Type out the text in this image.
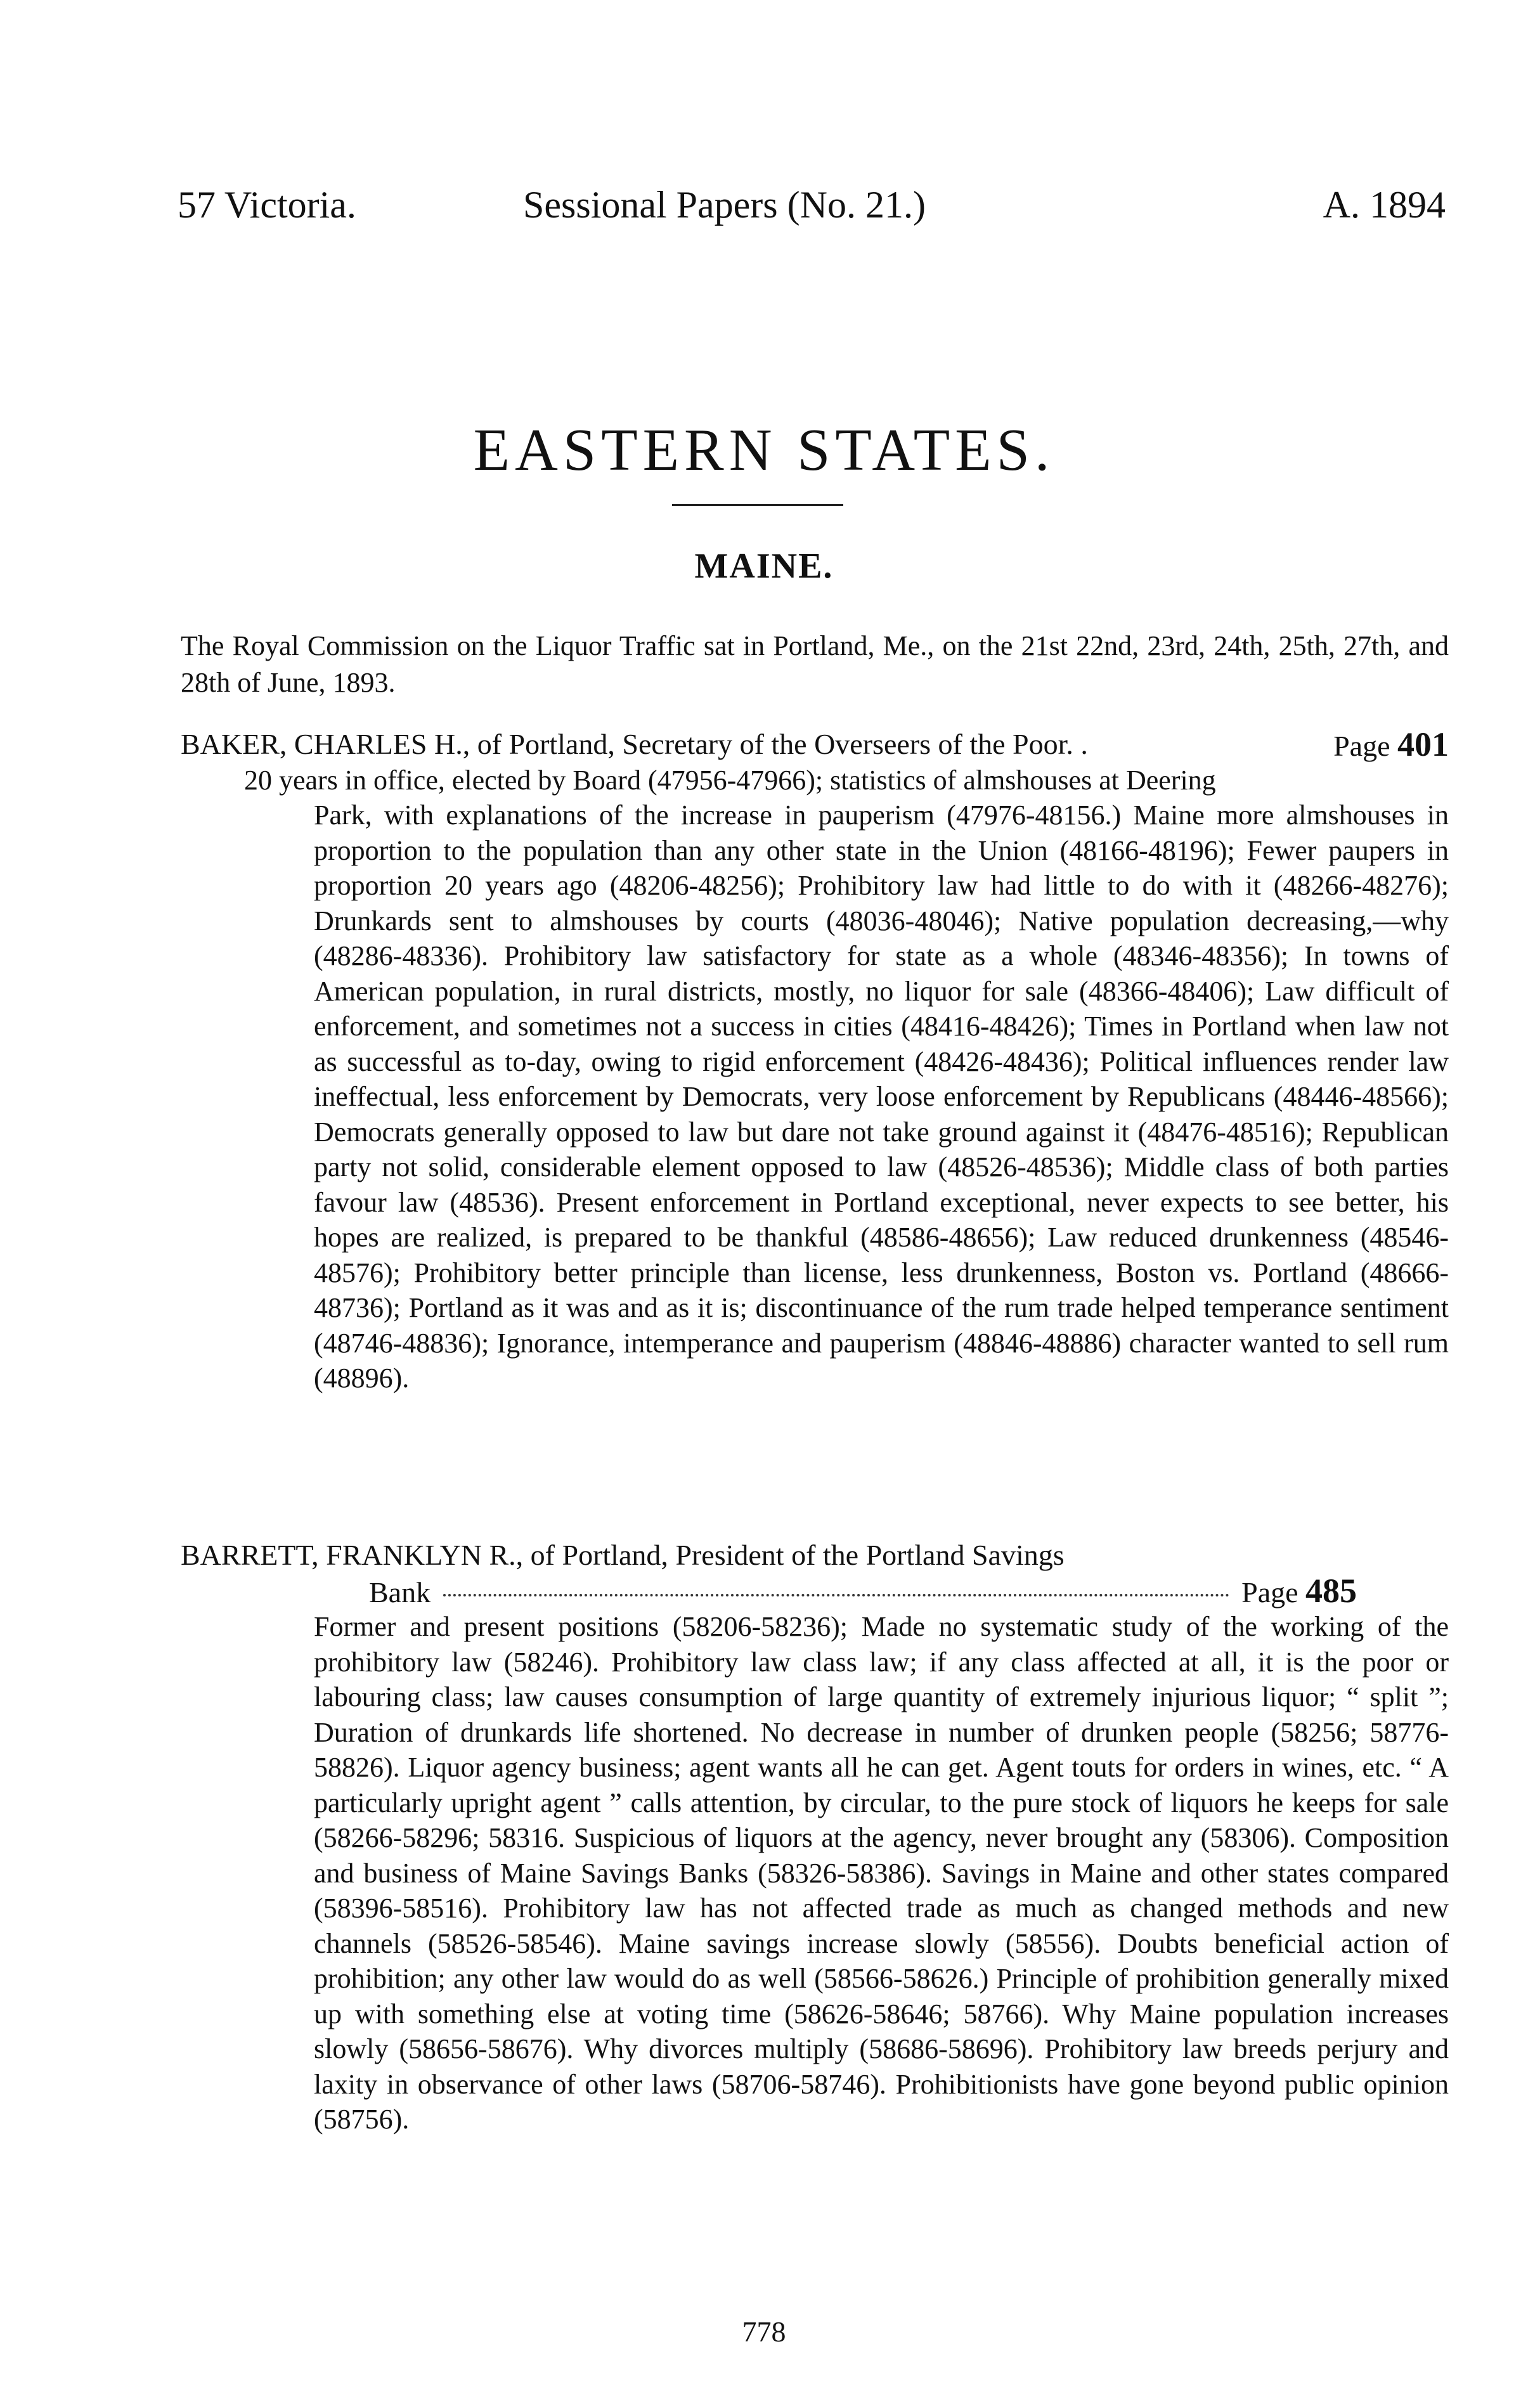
57 Victoria.	Sessional Papers (No. 21.)	A. 1894
EASTERN STATES.
MAINE.
The Royal Commission on the Liquor Traffic sat in Portland, Me., on the 21st 22nd, 23rd, 24th, 25th, 27th, and 28th of June, 1893.
BAKER, CHARLES H., of Portland, Secretary of the Overseers of the Poor. .	Page 401
20 years in office, elected by Board (47956-47966); statistics of almshouses at Deering
Park, with explanations of the increase in pauperism (47976-48156.) Maine more almshouses in proportion to the population than any other state in the Union (48166-48196); Fewer paupers in proportion 20 years ago (48206-48256); Prohibitory law had little to do with it (48266-48276); Drunkards sent to almshouses by courts (48036-48046); Native population decreasing,—why (48286-48336). Prohibitory law satisfactory for state as a whole (48346-48356); In towns of American population, in rural districts, mostly, no liquor for sale (48366-48406); Law difficult of enforcement, and sometimes not a success in cities (48416-48426); Times in Portland when law not as successful as to-day, owing to rigid enforcement (48426-48436); Political influences render law ineffectual, less enforcement by Democrats, very loose enforcement by Republicans (48446-48566); Democrats generally opposed to law but dare not take ground against it (48476-48516); Republican party not solid, considerable element opposed to law (48526-48536); Middle class of both parties favour law (48536). Present enforcement in Portland exceptional, never expects to see better, his hopes are realized, is prepared to be thankful (48586-48656); Law reduced drunkenness (48546-48576); Prohibitory better principle than license, less drunkenness, Boston vs. Portland (48666-48736); Portland as it was and as it is; discontinuance of the rum trade helped temperance sentiment (48746-48836); Ignorance, intemperance and pauperism (48846-48886) character wanted to sell rum (48896).
BARRETT, FRANKLYN R., of Portland, President of the Portland Savings
Bank	Page 485
Former and present positions (58206-58236); Made no systematic study of the working of the prohibitory law (58246). Prohibitory law class law; if any class affected at all, it is the poor or labouring class; law causes consumption of large quantity of extremely injurious liquor; “ split ”; Duration of drunkards life shortened. No decrease in number of drunken people (58256; 58776-58826). Liquor agency business; agent wants all he can get. Agent touts for orders in wines, etc. “ A particularly upright agent ” calls attention, by circular, to the pure stock of liquors he keeps for sale (58266-58296; 58316. Suspicious of liquors at the agency, never brought any (58306). Composition and business of Maine Savings Banks (58326-58386). Savings in Maine and other states compared (58396-58516). Prohibitory law has not affected trade as much as changed methods and new channels (58526-58546). Maine savings increase slowly (58556). Doubts beneficial action of prohibition; any other law would do as well (58566-58626.) Principle of prohibition generally mixed up with something else at voting time (58626-58646; 58766). Why Maine population increases slowly (58656-58676). Why divorces multiply (58686-58696). Prohibitory law breeds perjury and laxity in observance of other laws (58706-58746). Prohibitionists have gone beyond public opinion (58756).
778
